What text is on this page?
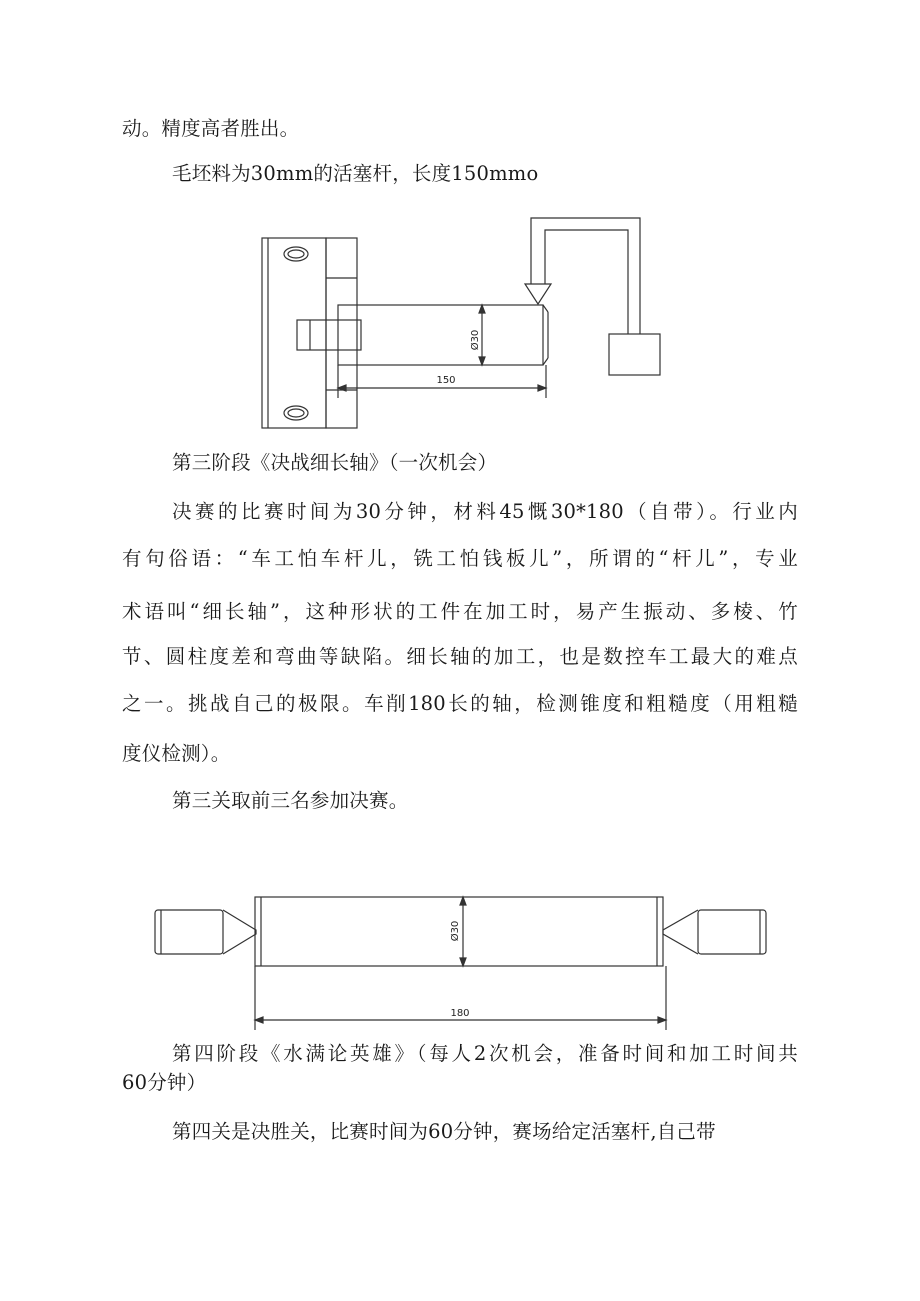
动。精度高者胜出。
毛坯料为30mm的活塞杆，长度150mmo
Ø30
150
第三阶段《决战细长轴》（一次机会）
决赛的比赛时间为30分钟，材料45慨30*180（自带）。行业内
有句俗语：“车工怕车杆儿，铣工怕钱板儿”，所谓的“杆儿”，专业
术语叫“细长轴”，这种形状的工件在加工时，易产生振动、多棱、竹
节、圆柱度差和弯曲等缺陷。细长轴的加工，也是数控车工最大的难点
之一。挑战自己的极限。车削180长的轴，检测锥度和粗糙度（用粗糙
度仪检测）。
第三关取前三名参加决赛。
Ø30
180
第四阶段《水满论英雄》（每人2次机会，准备时间和加工时间共
60分钟）
第四关是决胜关，比赛时间为60分钟，赛场给定活塞杆,自己带
